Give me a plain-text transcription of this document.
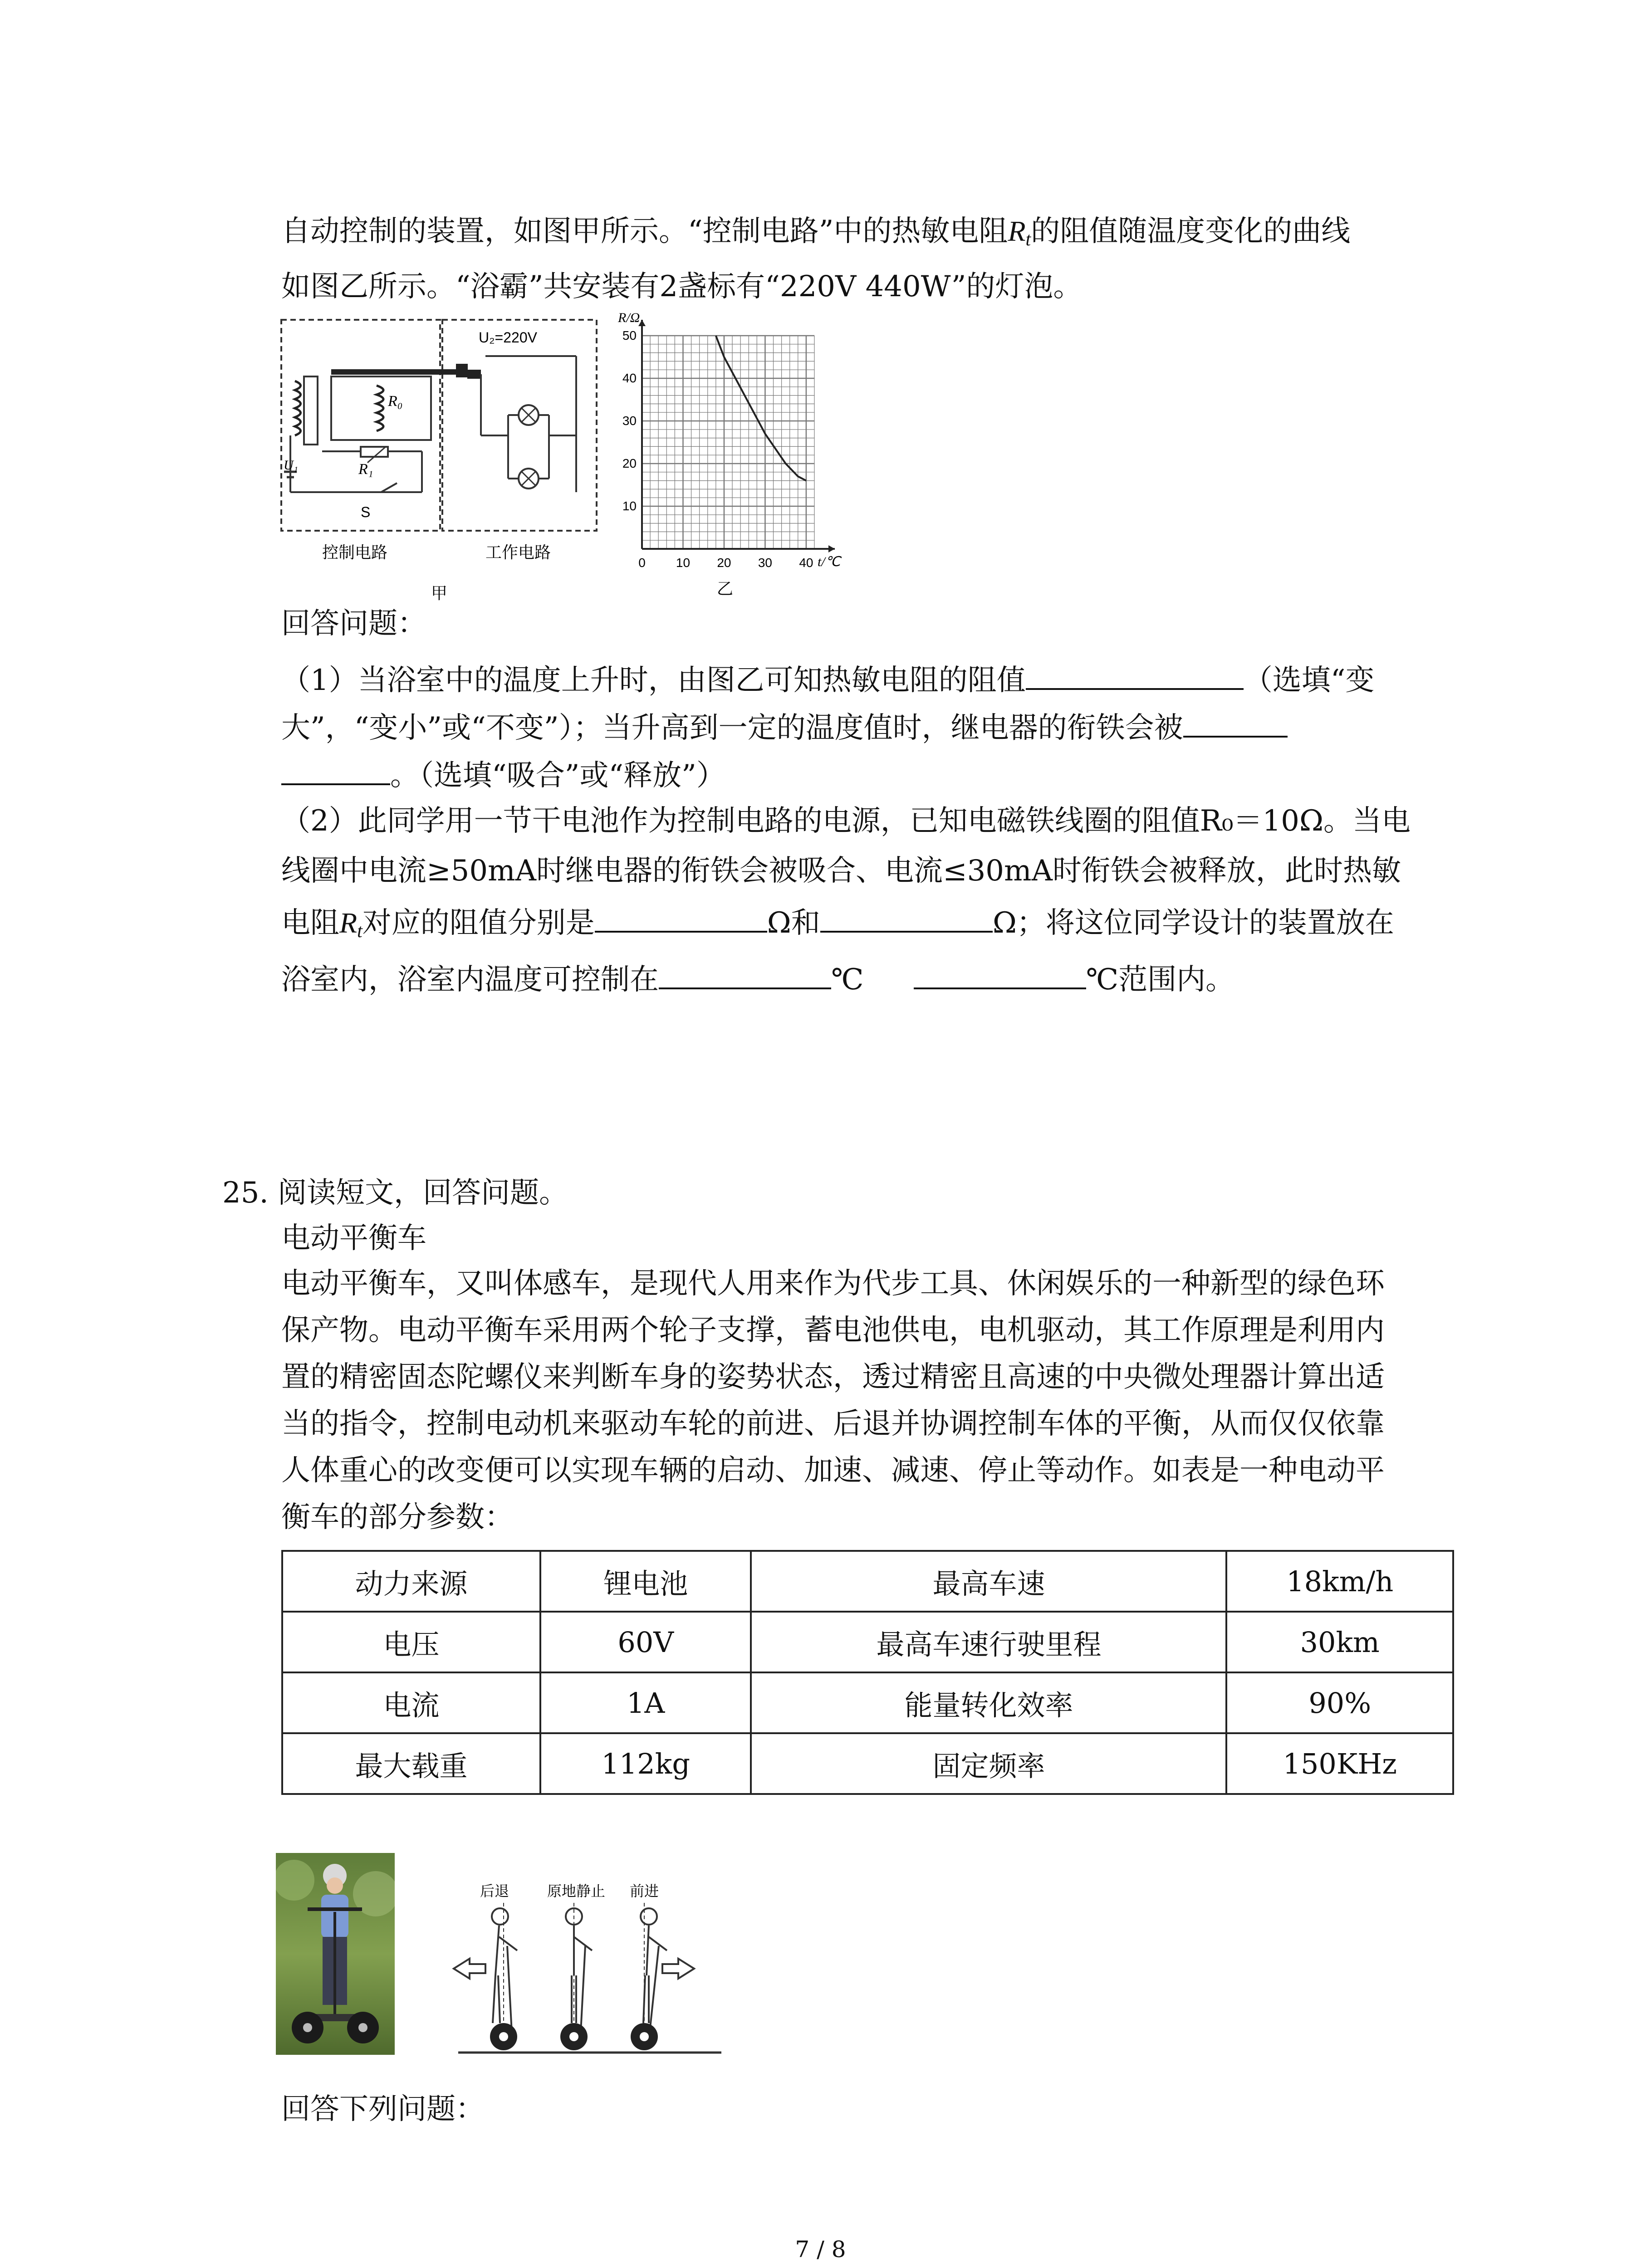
自动控制的装置，如图甲所示。“控制电路”中的热敏电阻$R_t$的阻值随温度变化的曲线
如图乙所示。“浴霸”共安装有2盏标有“220V 440W”的灯泡。
R₀
R₁
U₁
S
U₂=220V
控制电路	工作电路
甲
0 10 20 30 40
10
20
30
40
50
R/Ω
t/℃
乙
回答问题：
（1）当浴室中的温度上升时，由图乙可知热敏电阻的阻值	（选填“变
大”，“变小”或“不变”）；当升高到一定的温度值时，继电器的衔铁会被
。（选填“吸合”或“释放”）
（2）此同学用一节干电池作为控制电路的电源，已知电磁铁线圈的阻值R₀＝10Ω。当电
线圈中电流≥50mA时继电器的衔铁会被吸合、电流≤30mA时衔铁会被释放，此时热敏
电阻$R_t$对应的阻值分别是	Ω和	Ω；将这位同学设计的装置放在
浴室内，浴室内温度可控制在	℃	℃范围内。
25. 阅读短文，回答问题。
电动平衡车
电动平衡车，又叫体感车，是现代人用来作为代步工具、休闲娱乐的一种新型的绿色环
保产物。电动平衡车采用两个轮子支撑，蓄电池供电，电机驱动，其工作原理是利用内
置的精密固态陀螺仪来判断车身的姿势状态，透过精密且高速的中央微处理器计算出适
当的指令，控制电动机来驱动车轮的前进、后退并协调控制车体的平衡，从而仅仅依靠
人体重心的改变便可以实现车辆的启动、加速、减速、停止等动作。如表是一种电动平
衡车的部分参数：
动力来源	锂电池	最高车速	18km/h
电压	60V	最高车速行驶里程	30km
电流	1A	能量转化效率	90%
最大载重	112kg	固定频率	150KHz
后退	原地静止 前进
回答下列问题：
7 / 8
